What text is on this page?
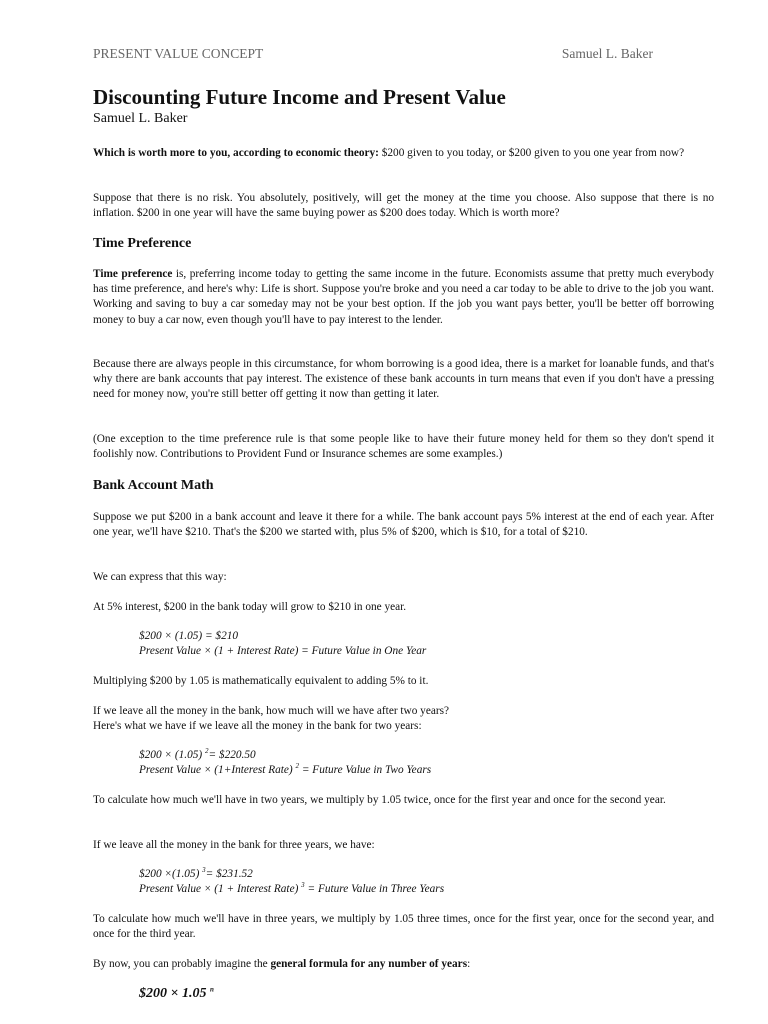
PRESENT VALUE CONCEPT	Samuel L. Baker
Discounting Future Income and Present Value
Samuel L. Baker

Which is worth more to you, according to economic theory: $200 given to you today, or $200 given to you one year from now?

Suppose that there is no risk. You absolutely, positively, will get the money at the time you choose. Also suppose that there is no inflation. $200 in one year will have the same buying power as $200 does today. Which is worth more?

Time Preference

Time preference is, preferring income today to getting the same income in the future. Economists assume that pretty much everybody has time preference, and here's why: Life is short. Suppose you're broke and you need a car today to be able to drive to the job you want. Working and saving to buy a car someday may not be your best option. If the job you want pays better, you'll be better off borrowing money to buy a car now, even though you'll have to pay interest to the lender.

Because there are always people in this circumstance, for whom borrowing is a good idea, there is a market for loanable funds, and that's why there are bank accounts that pay interest. The existence of these bank accounts in turn means that even if you don't have a pressing need for money now, you're still better off getting it now than getting it later.

(One exception to the time preference rule is that some people like to have their future money held for them so they don't spend it foolishly now. Contributions to Provident Fund or Insurance schemes are some examples.)

Bank Account Math

Suppose we put $200 in a bank account and leave it there for a while. The bank account pays 5% interest at the end of each year. After one year, we'll have $210. That's the $200 we started with, plus 5% of $200, which is $10, for a total of $210.

We can express that this way:

At 5% interest, $200 in the bank today will grow to $210 in one year.

$200 × (1.05) = $210
Present Value × (1 + Interest Rate) = Future Value in One Year

Multiplying $200 by 1.05 is mathematically equivalent to adding 5% to it.

If we leave all the money in the bank, how much will we have after two years?
Here's what we have if we leave all the money in the bank for two years:

$200 × (1.05) $^2$= $220.50
Present Value × (1+Interest Rate) $^2$ = Future Value in Two Years

To calculate how much we'll have in two years, we multiply by 1.05 twice, once for the first year and once for the second year.

If we leave all the money in the bank for three years, we have:

$200 ×(1.05) $^3$= $231.52
Present Value × (1 + Interest Rate) $^3$ = Future Value in Three Years

To calculate how much we'll have in three years, we multiply by 1.05 three times, once for the first year, once for the second year, and once for the third year.

By now, you can probably imagine the general formula for any number of years:

$200 × 1.05 $^n$
